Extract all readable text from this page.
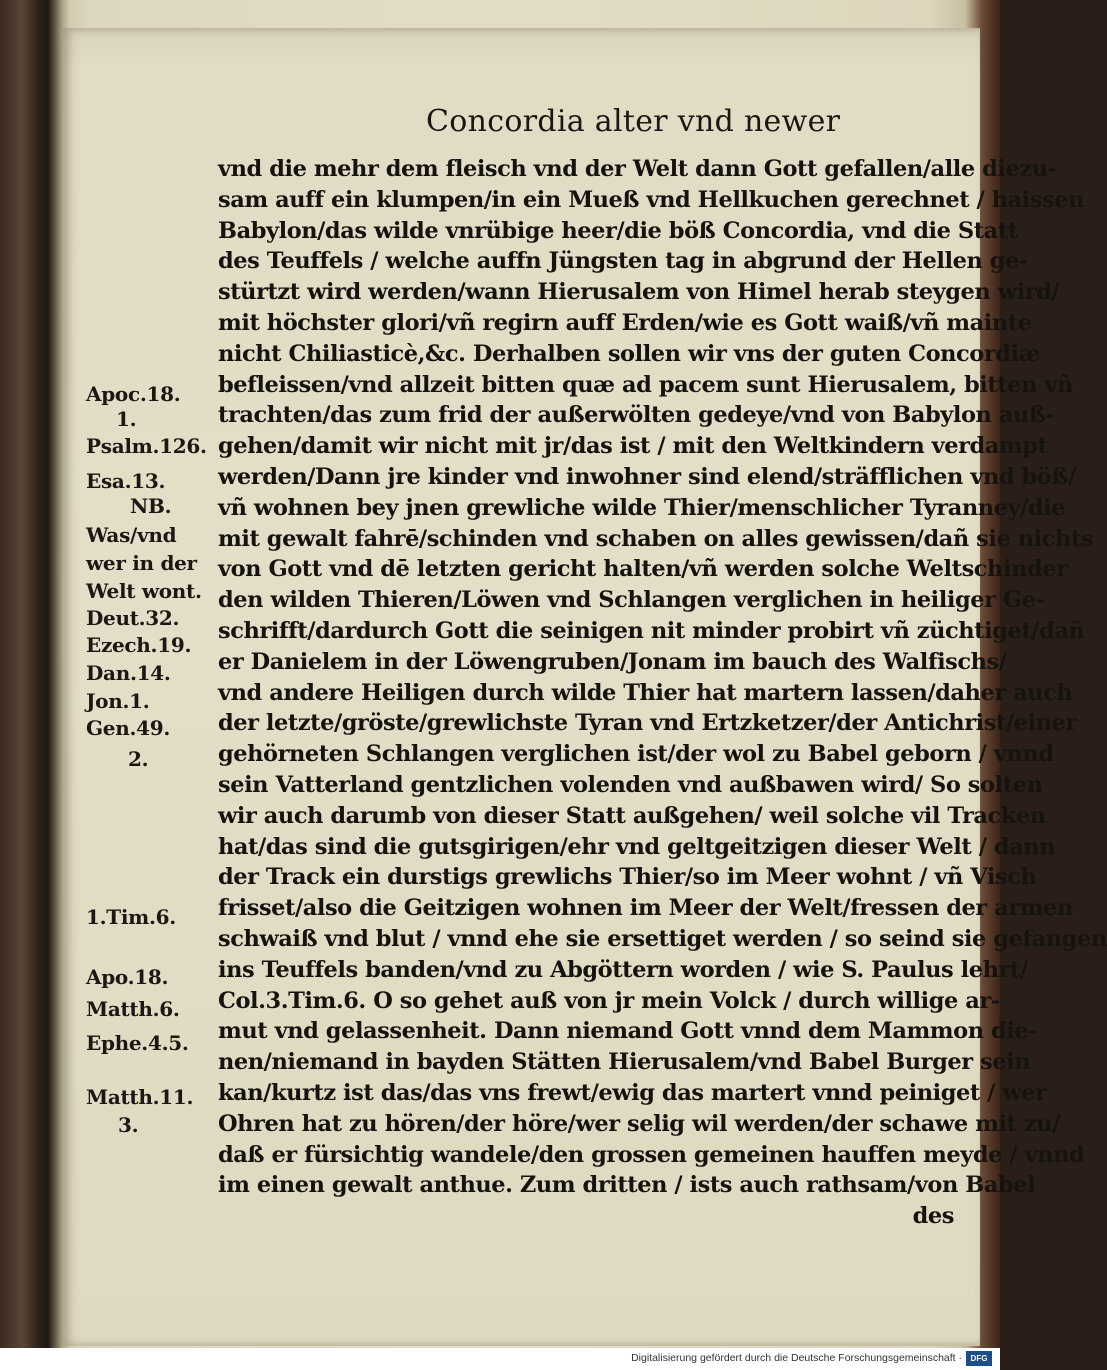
Concordia alter vnd newer
vnd die mehr dem fleisch vnd der Welt dann Gott gefallen/alle diezu-
sam auff ein klumpen/in ein Mueß vnd Hellkuchen gerechnet / haissen
Babylon/das wilde vnrübige heer/die böß Concordia, vnd die Statt
des Teuffels / welche auffn Jüngsten tag in abgrund der Hellen ge-
stürtzt wird werden/wann Hierusalem von Himel herab steygen wird/
mit höchster glori/vñ regirn auff Erden/wie es Gott waiß/vñ mainte
nicht Chiliasticè,&c. Derhalben sollen wir vns der guten Concordiæ
befleissen/vnd allzeit bitten quæ ad pacem sunt Hierusalem, bitten vñ
trachten/das zum frid der außerwölten gedeye/vnd von Babylon auß-
gehen/damit wir nicht mit jr/das ist / mit den Weltkindern verdampt
werden/Dann jre kinder vnd inwohner sind elend/sträfflichen vnd böß/
vñ wohnen bey jnen grewliche wilde Thier/menschlicher Tyranney/die
mit gewalt fahrē/schinden vnd schaben on alles gewissen/dañ sie nichts
von Gott vnd dē letzten gericht halten/vñ werden solche Weltschinder
den wilden Thieren/Löwen vnd Schlangen verglichen in heiliger Ge-
schrifft/dardurch Gott die seinigen nit minder probirt vñ züchtiget/dañ
er Danielem in der Löwengruben/Jonam im bauch des Walfischs/
vnd andere Heiligen durch wilde Thier hat martern lassen/daher auch
der letzte/gröste/grewlichste Tyran vnd Ertzketzer/der Antichrist/einer
gehörneten Schlangen verglichen ist/der wol zu Babel geborn / vnnd
sein Vatterland gentzlichen volenden vnd außbawen wird/ So solten
wir auch darumb von dieser Statt außgehen/ weil solche vil Tracken
hat/das sind die gutsgirigen/ehr vnd geltgeitzigen dieser Welt / dann
der Track ein durstigs grewlichs Thier/so im Meer wohnt / vñ Visch
frisset/also die Geitzigen wohnen im Meer der Welt/fressen der armen
schwaiß vnd blut / vnnd ehe sie ersettiget werden / so seind sie gefangen
ins Teuffels banden/vnd zu Abgöttern worden / wie S. Paulus lehrt/
Col.3.Tim.6. O so gehet auß von jr mein Volck / durch willige ar-
mut vnd gelassenheit. Dann niemand Gott vnnd dem Mammon die-
nen/niemand in bayden Stätten Hierusalem/vnd Babel Burger sein
kan/kurtz ist das/das vns frewt/ewig das martert vnnd peiniget / wer
Ohren hat zu hören/der höre/wer selig wil werden/der schawe mit zu/
daß er fürsichtig wandele/den grossen gemeinen hauffen meyde / vnnd
im einen gewalt anthue. Zum dritten / ists auch rathsam/von Babel
des
Apoc.18.
1.
Psalm.126.
Esa.13.
NB.
Was/vnd
wer in der
Welt wont.
Deut.32.
Ezech.19.
Dan.14.
Jon.1.
Gen.49.
2.
1.Tim.6.
Apo.18.
Matth.6.
Ephe.4.5.
Matth.11.
3.
Digitalisierung gefördert durch die Deutsche Forschungsgemeinschaft ·	DFG
